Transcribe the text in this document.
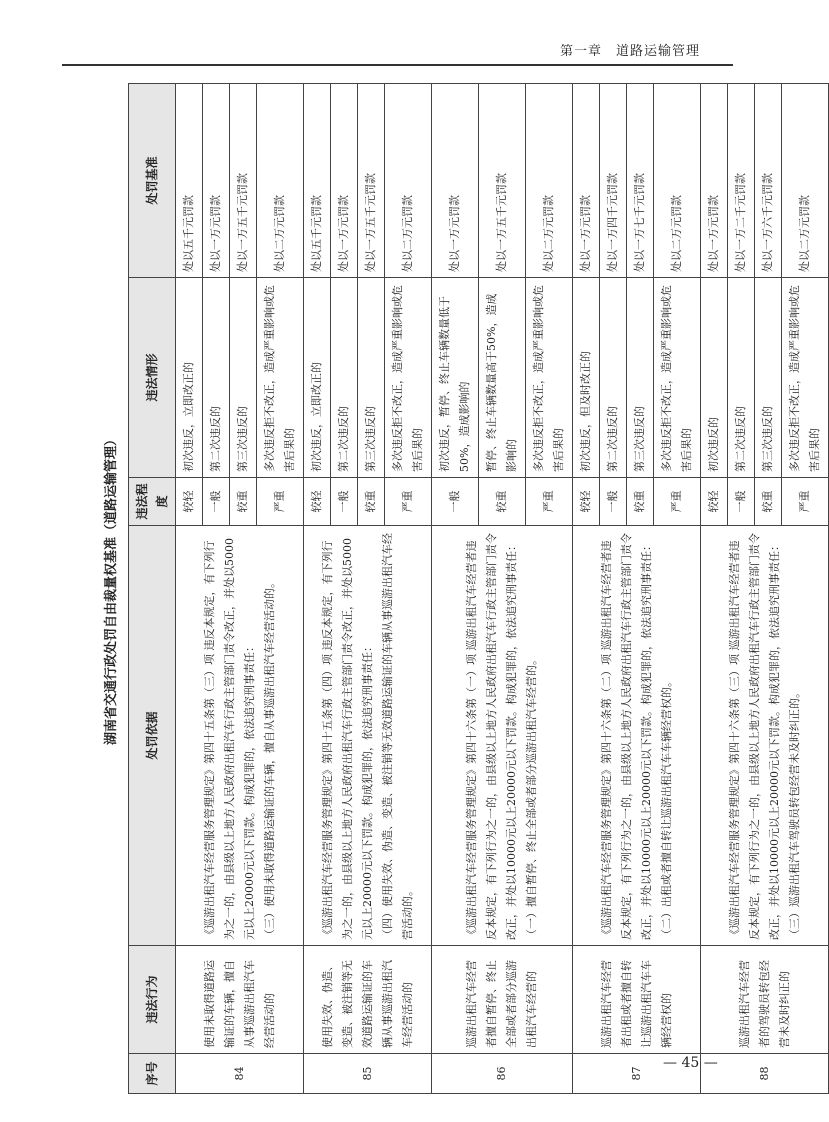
第一章　道路运输管理
湖南省交通行政处罚自由裁量权基准（道路运输管理）
序号	违法行为	处罚依据	违法程度	违法情形	处罚基准
84	使用未取得道路运输证的车辆，擅自从事巡游出租汽车经营活动的	《巡游出租汽车经营服务管理规定》第四十五条第（三）项 违反本规定，有下列行为之一的，由县级以上地方人民政府出租汽车行政主管部门责令改正，并处以5000元以上20000元以下罚款。构成犯罪的，依法追究刑事责任： （三）使用未取得道路运输证的车辆，擅自从事巡游出租汽车经营活动的。	较轻	初次违反，立即改正的	处以五千元罚款
			一般	第二次违反的	处以一万元罚款
			较重	第三次违反的	处以一万五千元罚款
			严重	多次违反拒不改正，造成严重影响或危害后果的	处以二万元罚款
85	使用失效、伪造、变造、被注销等无效道路运输证的车辆从事巡游出租汽车经营活动的	《巡游出租汽车经营服务管理规定》第四十五条第（四）项 违反本规定，有下列行为之一的，由县级以上地方人民政府出租汽车行政主管部门责令改正，并处以5000元以上20000元以下罚款。构成犯罪的，依法追究刑事责任： （四）使用失效、伪造、变造、被注销等无效道路运输证的车辆从事巡游出租汽车经营活动的。	较轻	初次违反，立即改正的	处以五千元罚款
			一般	第二次违反的	处以一万元罚款
			较重	第三次违反的	处以一万五千元罚款
			严重	多次违反拒不改正，造成严重影响或危害后果的	处以二万元罚款
86	巡游出租汽车经营者擅自暂停、终止全部或者部分巡游出租汽车经营的	《巡游出租汽车经营服务管理规定》第四十六条第（一）项 巡游出租汽车经营者违反本规定，有下列行为之一的，由县级以上地方人民政府出租汽车行政主管部门责令改正，并处以10000元以上20000元以下罚款。构成犯罪的，依法追究刑事责任： （一）擅自暂停、终止全部或者部分巡游出租汽车经营的。	一般	初次违反，暂停、终止车辆数量低于50%，造成影响的	处以一万元罚款
			较重	暂停、终止车辆数量高于50%，造成影响的	处以一万五千元罚款
			严重	多次违反拒不改正，造成严重影响或危害后果的	处以二万元罚款
87	巡游出租汽车经营者出租或者擅自转让巡游出租汽车车辆经营权的	《巡游出租汽车经营服务管理规定》第四十六条第（二）项 巡游出租汽车经营者违反本规定，有下列行为之一的，由县级以上地方人民政府出租汽车行政主管部门责令改正，并处以10000元以上20000元以下罚款。构成犯罪的，依法追究刑事责任： （二）出租或者擅自转让巡游出租汽车车辆经营权的。	较轻	初次违反，但及时改正的	处以一万元罚款
			一般	第二次违反的	处以一万四千元罚款
			较重	第三次违反的	处以一万七千元罚款
			严重	多次违反拒不改正，造成严重影响或危害后果的	处以二万元罚款
88	巡游出租汽车经营者的驾驶员转包经营未及时纠正的	《巡游出租汽车经营服务管理规定》第四十六条第（三）项 巡游出租汽车经营者违反本规定，有下列行为之一的，由县级以上地方人民政府出租汽车行政主管部门责令改正，并处以10000元以上20000元以下罚款。构成犯罪的，依法追究刑事责任： （三）巡游出租汽车驾驶员转包经营未及时纠正的。	较轻	初次违反的	处以一万元罚款
			一般	第二次违反的	处以一万二千元罚款
			较重	第三次违反的	处以一万六千元罚款
			严重	多次违反拒不改正，造成严重影响或危害后果的	处以二万元罚款
— 45 —
